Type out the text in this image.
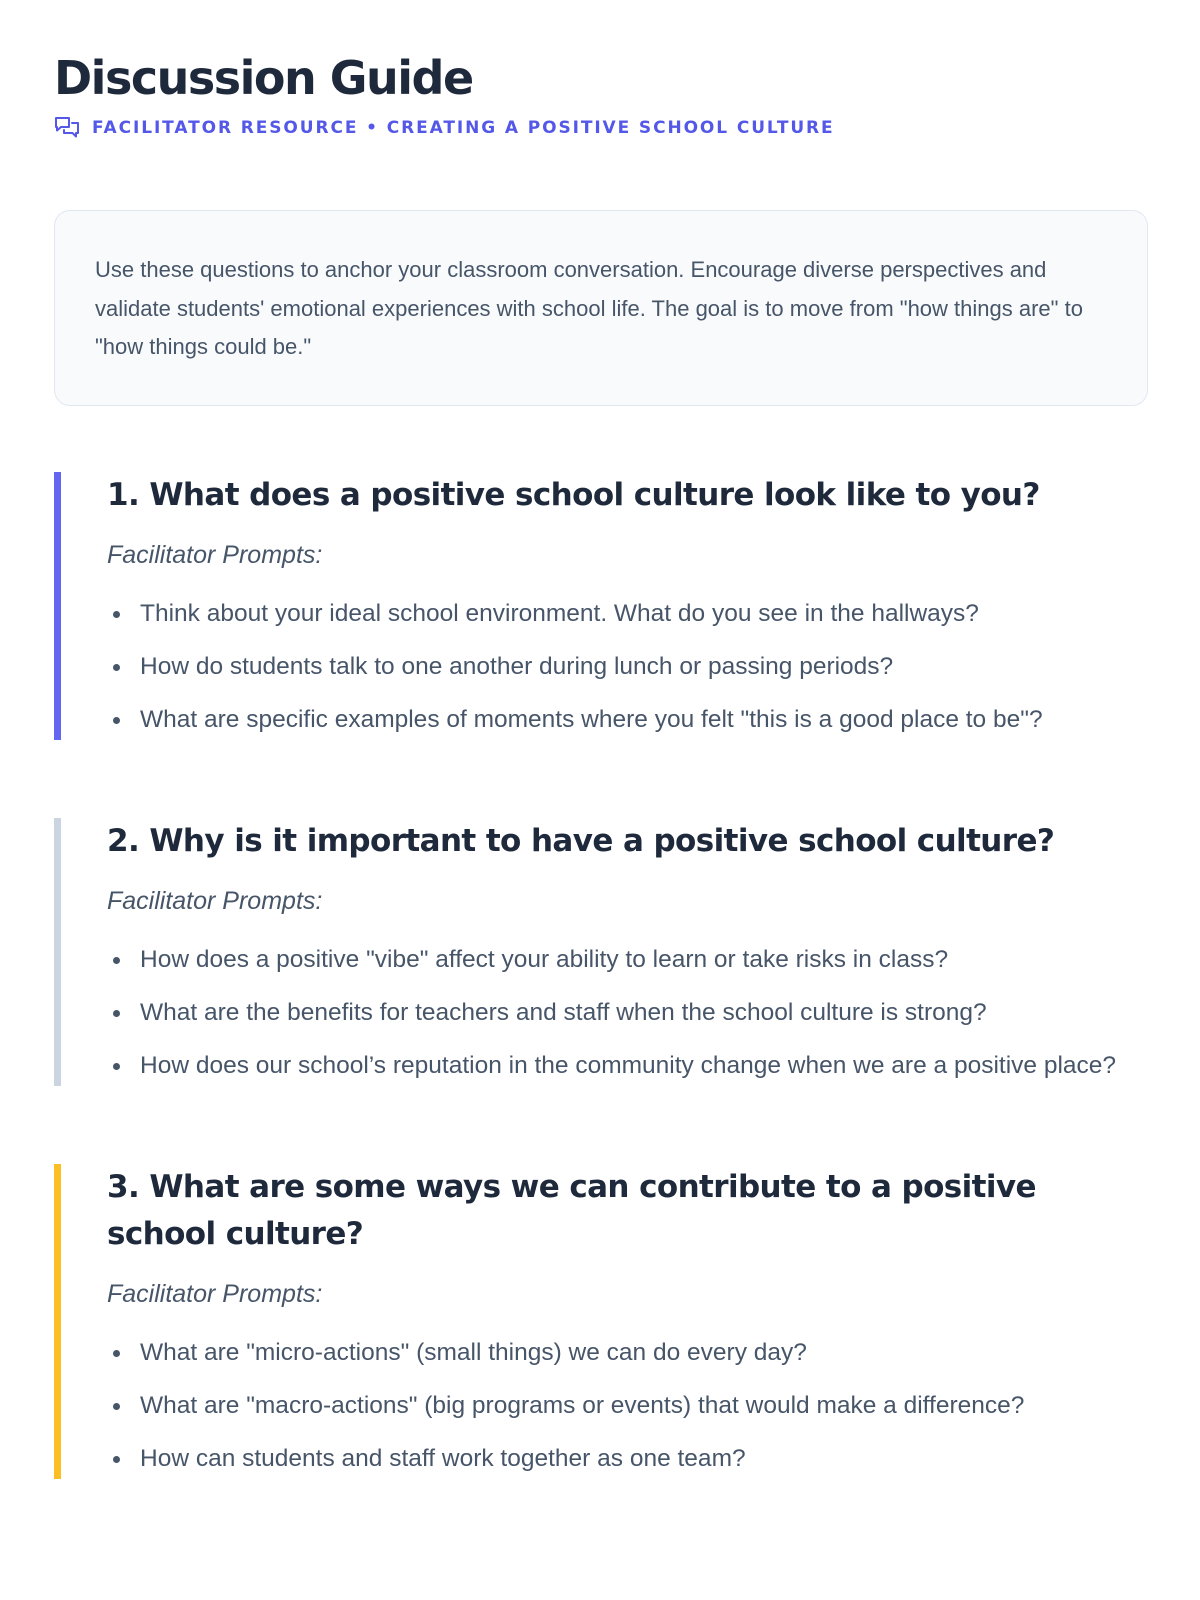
Discussion Guide
FACILITATOR RESOURCE • CREATING A POSITIVE SCHOOL CULTURE

Use these questions to anchor your classroom conversation. Encourage diverse perspectives and validate students' emotional experiences with school life. The goal is to move from "how things are" to "how things could be."

1. What does a positive school culture look like to you?

Facilitator Prompts:

Think about your ideal school environment. What do you see in the hallways?
How do students talk to one another during lunch or passing periods?
What are specific examples of moments where you felt "this is a good place to be"?
2. Why is it important to have a positive school culture?

Facilitator Prompts:

How does a positive "vibe" affect your ability to learn or take risks in class?
What are the benefits for teachers and staff when the school culture is strong?
How does our school’s reputation in the community change when we are a positive place?
3. What are some ways we can contribute to a positive school culture?

Facilitator Prompts:

What are "micro-actions" (small things) we can do every day?
What are "macro-actions" (big programs or events) that would make a difference?
How can students and staff work together as one team?
